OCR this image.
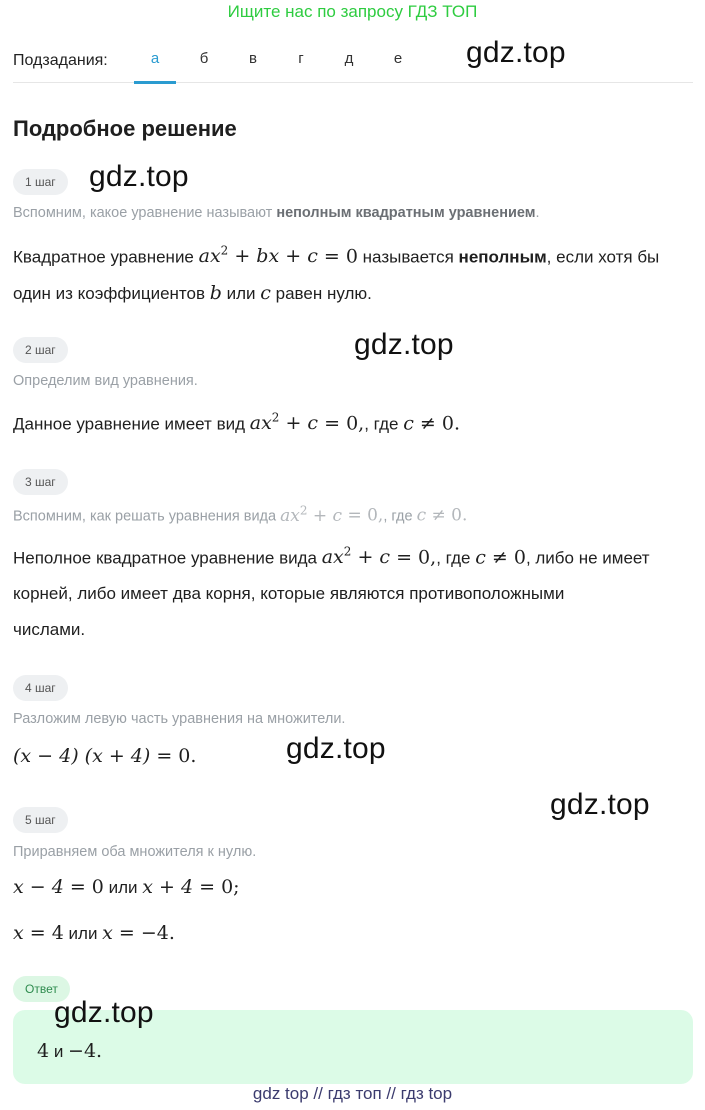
Ищите нас по запросу ГДЗ ТОП
Подзадания:	а	б	в	г	д	е	gdz.top
gdz.top
gdz.top
gdz.top
gdz.top
Подробное решение
1 шаг
Вспомним, какое уравнение называют неполным квадратным уравнением.
Квадратное уравнение $ax^2$ + bx + c = 0 называется неполным, если хотя бы
один из коэффициентов b или c равен нулю.
2 шаг
Определим вид уравнения.
Данное уравнение имеет вид $ax^2 + c = 0$,, где c ≠ 0.
3 шаг
Вспомним, как решать уравнения вида $ax^2 + c = 0$,, где c ≠ 0.
Неполное квадратное уравнение вида $ax^2 + c = 0$,, где c ≠ 0, либо не имеет
корней, либо имеет два корня, которые являются противоположными
числами.
4 шаг
Разложим левую часть уравнения на множители.
(x − 4) (x + 4) = 0.
5 шаг
Приравняем оба множителя к нулю.
x − 4 = 0 или x + 4 = 0;
x = 4 или x = −4.
Ответ
4 и −4.
gdz.top
gdz top // гдз топ // гдз top
